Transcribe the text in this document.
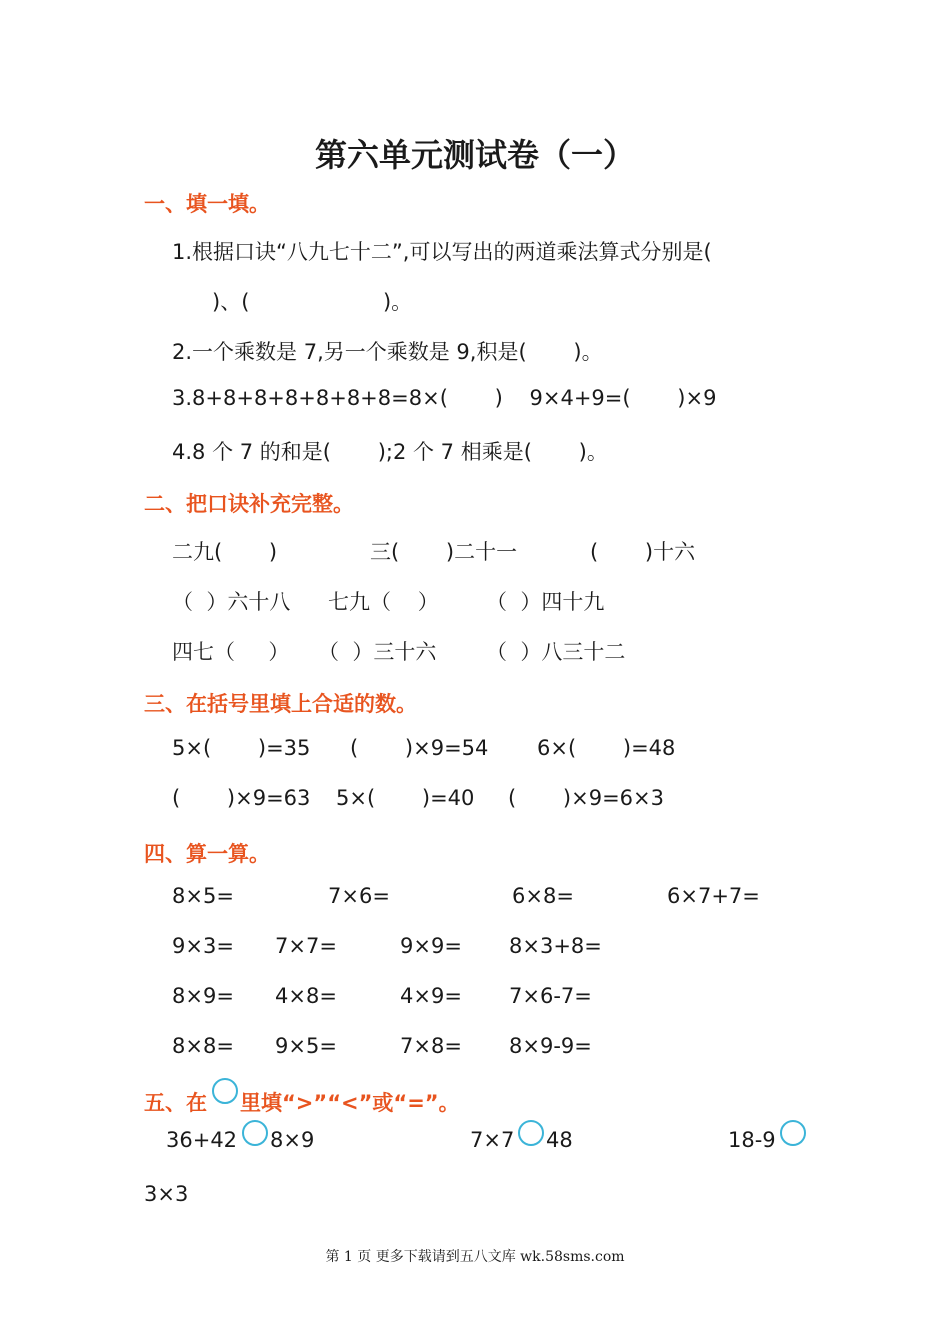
第六单元测试卷（一）
一、填一填。
1.根据口诀“八九七十二”,可以写出的两道乘法算式分别是(
)、(                    )。
2.一个乘数是 7,另一个乘数是 9,积是(       )。
3.8+8+8+8+8+8+8=8×(       )    9×4+9=(       )×9
4.8 个 7 的和是(       );2 个 7 相乘是(       )。
二、把口诀补充完整。
二九(       )	三(       )二十一	(       )十六
（  ）六十八 七九（    ） （  ）四十九
四七（     ） （  ）三十六 （  ）八三十二
三、在括号里填上合适的数。
5×(       )=35 (       )×9=54 6×(       )=48
(       )×9=63 5×(       )=40 (       )×9=6×3
四、算一算。
8×5=	7×6=	6×8=	6×7+7=
9×3= 7×7=	9×9= 8×3+8=
8×9= 4×8=	4×9= 7×6-7=
8×8= 9×5=	7×8= 8×9-9=
五、在 里填“>”“<”或“=”。
36+42 8×9	7×7 48	18-9
3×3
第 1 页 更多下载请到五八文库 wk.58sms.com
